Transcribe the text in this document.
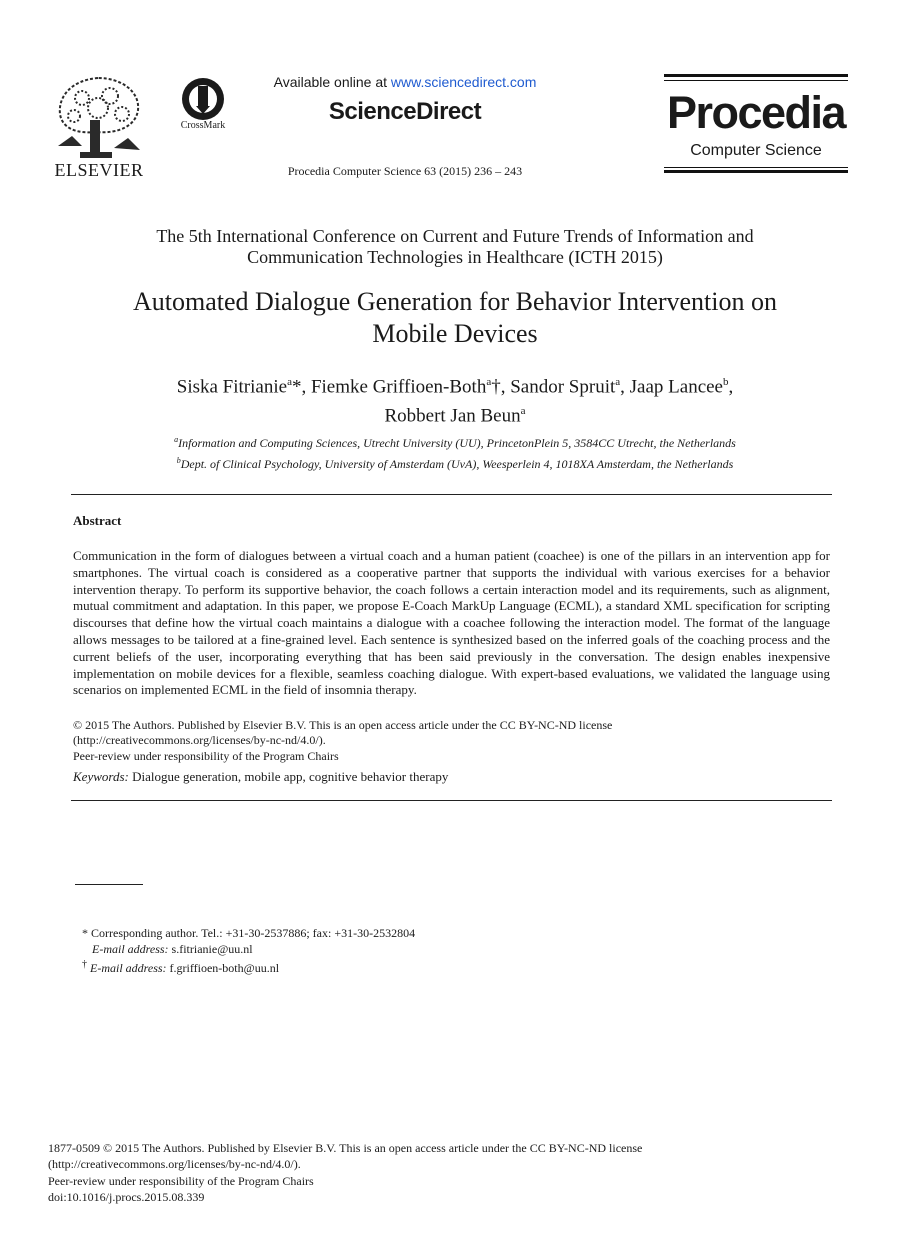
ELSEVIER
CrossMark
Available online at www.sciencedirect.com
ScienceDirect
Procedia Computer Science 63 (2015) 236 – 243
Procedia
Computer Science
The 5th International Conference on Current and Future Trends of Information and
Communication Technologies in Healthcare (ICTH 2015)
Automated Dialogue Generation for Behavior Intervention on
Mobile Devices
Siska Fitrianie$^a$*, Fiemke Griffioen-Both$^a$†, Sandor Spruit$^a$, Jaap Lancee$^b$,
Robbert Jan Beun$^a$
$^a$Information and Computing Sciences, Utrecht University (UU), PrincetonPlein 5, 3584CC Utrecht, the Netherlands
$^b$Dept. of Clinical Psychology, University of Amsterdam (UvA), Weesperlein 4, 1018XA Amsterdam, the Netherlands
Abstract
Communication in the form of dialogues between a virtual coach and a human patient (coachee) is one of the pillars in an intervention app for smartphones. The virtual coach is considered as a cooperative partner that supports the individual with various exercises for a behavior intervention therapy. To perform its supportive behavior, the coach follows a certain interaction model and its requirements, such as alignment, mutual commitment and adaptation. In this paper, we propose E-Coach MarkUp Language (ECML), a standard XML specification for scripting discourses that define how the virtual coach maintains a dialogue with a coachee following the interaction model. The format of the language allows messages to be tailored at a fine-grained level. Each sentence is synthesized based on the inferred goals of the coaching process and the current beliefs of the user, incorporating everything that has been said previously in the conversation. The design enables inexpensive implementation on mobile devices for a flexible, seamless coaching dialogue. With expert-based evaluations, we validated the language using scenarios on implemented ECML in the field of insomnia therapy.
© 2015 The Authors. Published by Elsevier B.V. This is an open access article under the CC BY-NC-ND license
(http://creativecommons.org/licenses/by-nc-nd/4.0/).
Peer-review under responsibility of the Program Chairs
Keywords: Dialogue generation, mobile app, cognitive behavior therapy
* Corresponding author. Tel.: +31-30-2537886; fax: +31-30-2532804
E-mail address: s.fitrianie@uu.nl
† E-mail address: f.griffioen-both@uu.nl
1877-0509 © 2015 The Authors. Published by Elsevier B.V. This is an open access article under the CC BY-NC-ND license
(http://creativecommons.org/licenses/by-nc-nd/4.0/).
Peer-review under responsibility of the Program Chairs
doi:10.1016/j.procs.2015.08.339
